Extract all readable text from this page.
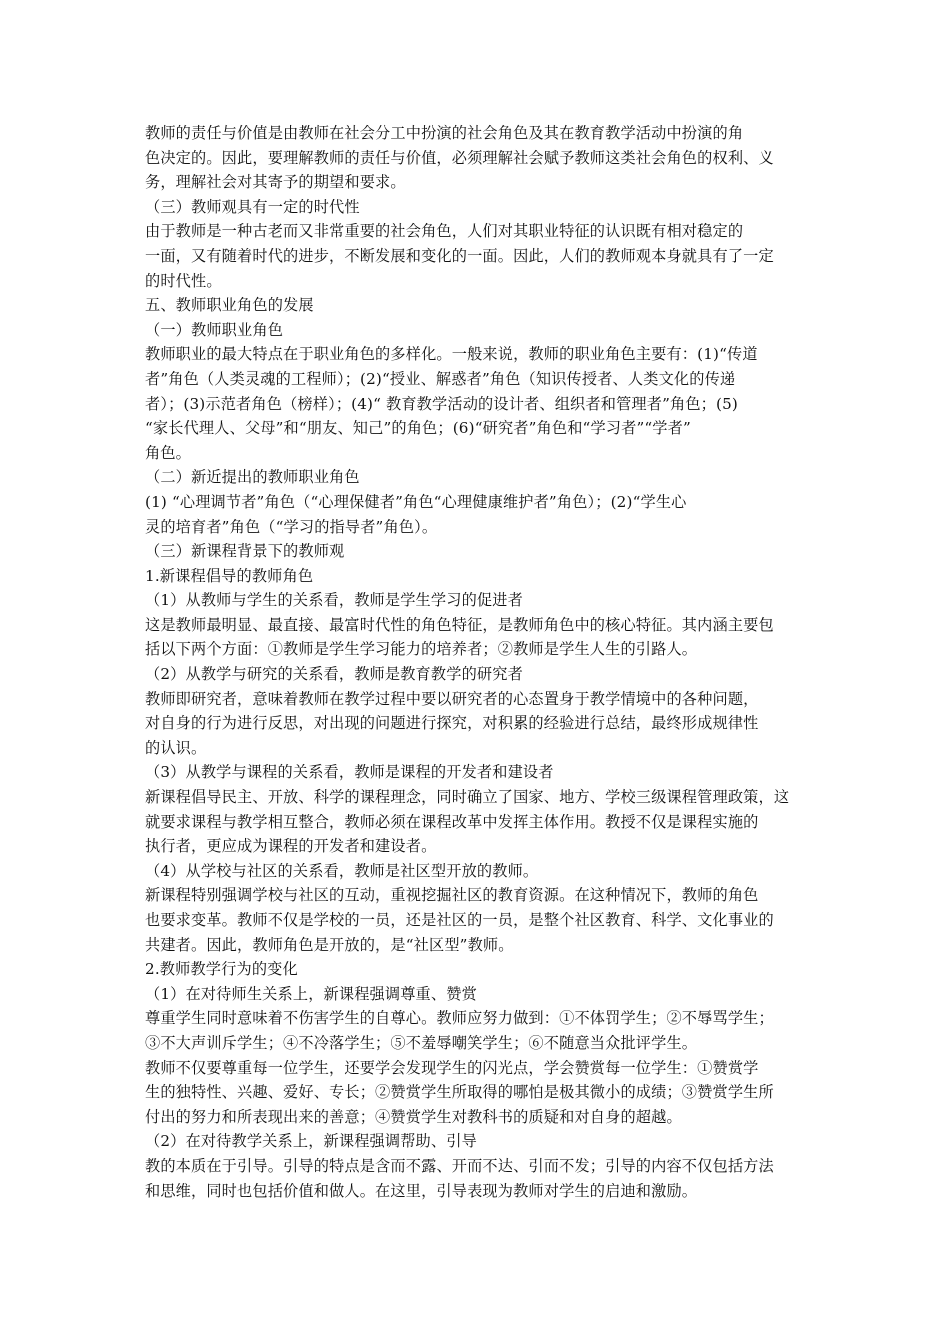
教师的责任与价值是由教师在社会分工中扮演的社会角色及其在教育教学活动中扮演的角
色决定的。因此，要理解教师的责任与价值，必须理解社会赋予教师这类社会角色的权利、义
务，理解社会对其寄予的期望和要求。
（三）教师观具有一定的时代性
由于教师是一种古老而又非常重要的社会角色，人们对其职业特征的认识既有相对稳定的
一面，又有随着时代的进步，不断发展和变化的一面。因此，人们的教师观本身就具有了一定
的时代性。
五、教师职业角色的发展
（一）教师职业角色
教师职业的最大特点在于职业角色的多样化。一般来说，教师的职业角色主要有：(1)“传道
者”角色（人类灵魂的工程师）；(2)“授业、解惑者”角色（知识传授者、人类文化的传递
者）；(3)示范者角色（榜样）；(4)“ 教育教学活动的设计者、组织者和管理者”角色；(5)
“家长代理人、父母”和“朋友、知己”的角色；(6)“研究者”角色和“学习者”“学者”
角色。
（二）新近提出的教师职业角色
(1) “心理调节者”角色（“心理保健者”角色“心理健康维护者”角色）；(2)“学生心
灵的培育者”角色（“学习的指导者”角色）。
（三）新课程背景下的教师观
1.新课程倡导的教师角色
（1）从教师与学生的关系看，教师是学生学习的促进者
这是教师最明显、最直接、最富时代性的角色特征，是教师角色中的核心特征。其内涵主要包
括以下两个方面：①教师是学生学习能力的培养者；②教师是学生人生的引路人。
（2）从教学与研究的关系看，教师是教育教学的研究者
教师即研究者，意味着教师在教学过程中要以研究者的心态置身于教学情境中的各种问题，
对自身的行为进行反思，对出现的问题进行探究，对积累的经验进行总结，最终形成规律性
的认识。
（3）从教学与课程的关系看，教师是课程的开发者和建设者
新课程倡导民主、开放、科学的课程理念，同时确立了国家、地方、学校三级课程管理政策，这
就要求课程与教学相互整合，教师必须在课程改革中发挥主体作用。教授不仅是课程实施的
执行者，更应成为课程的开发者和建设者。
（4）从学校与社区的关系看，教师是社区型开放的教师。
新课程特别强调学校与社区的互动，重视挖掘社区的教育资源。在这种情况下，教师的角色
也要求变革。教师不仅是学校的一员，还是社区的一员，是整个社区教育、科学、文化事业的
共建者。因此，教师角色是开放的，是“社区型”教师。
2.教师教学行为的变化
（1）在对待师生关系上，新课程强调尊重、赞赏
尊重学生同时意味着不伤害学生的自尊心。教师应努力做到：①不体罚学生；②不辱骂学生；
③不大声训斥学生；④不冷落学生；⑤不羞辱嘲笑学生；⑥不随意当众批评学生。
教师不仅要尊重每一位学生，还要学会发现学生的闪光点，学会赞赏每一位学生：①赞赏学
生的独特性、兴趣、爱好、专长；②赞赏学生所取得的哪怕是极其微小的成绩；③赞赏学生所
付出的努力和所表现出来的善意；④赞赏学生对教科书的质疑和对自身的超越。
（2）在对待教学关系上，新课程强调帮助、引导
教的本质在于引导。引导的特点是含而不露、开而不达、引而不发；引导的内容不仅包括方法
和思维，同时也包括价值和做人。在这里，引导表现为教师对学生的启迪和激励。
